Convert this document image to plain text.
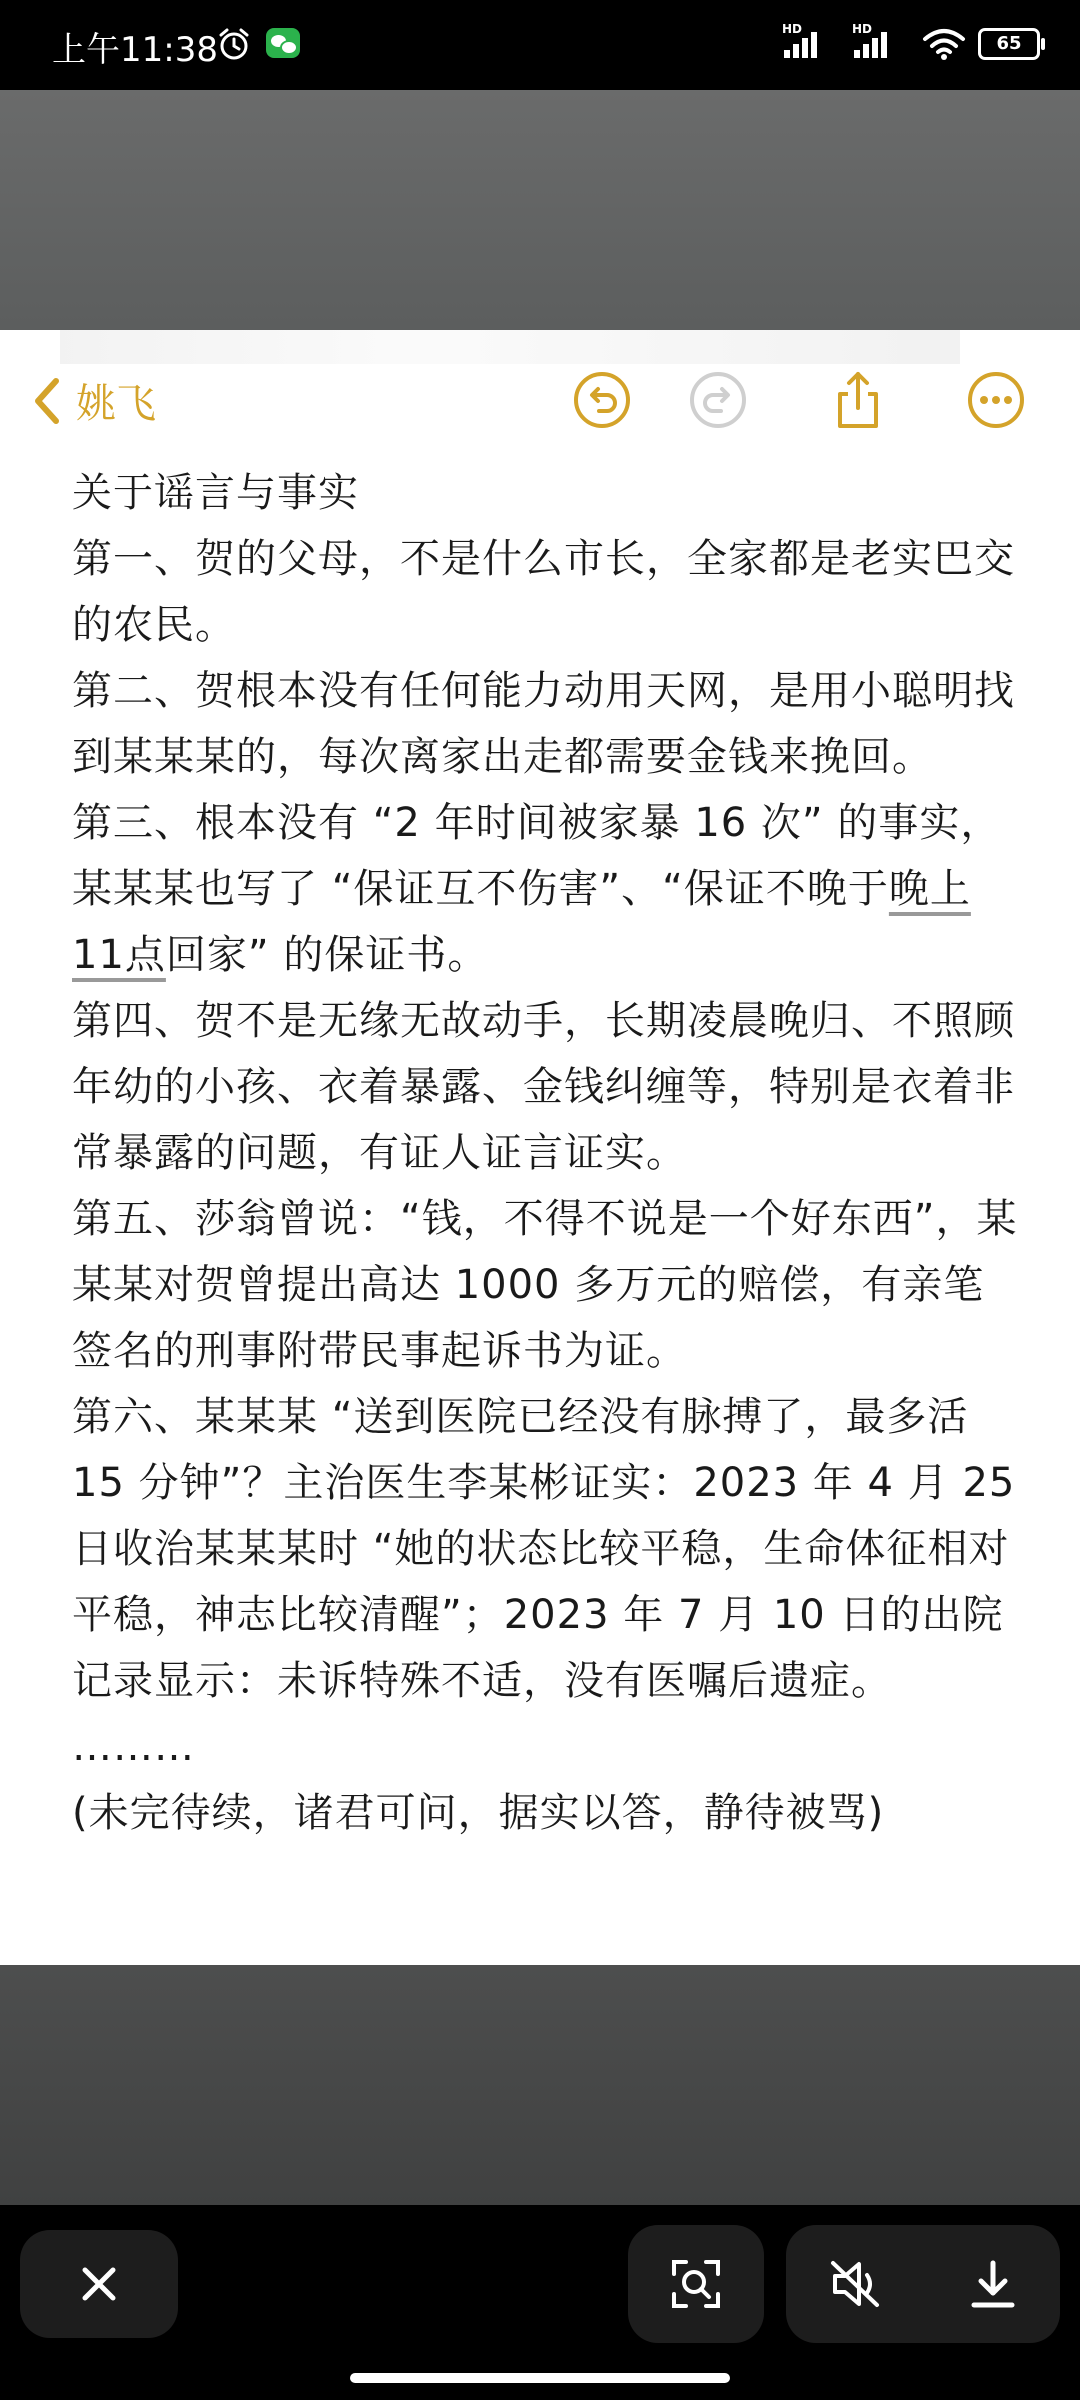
上午11:38
HD	HD
65
姚飞

关于谣言与事实

第一、贺的父母，不是什么市长，全家都是老实巴交的农民。

第二、贺根本没有任何能力动用天网，是用小聪明找到某某某的，每次离家出走都需要金钱来挽回。

第三、根本没有 “2 年时间被家暴 16 次” 的事实，某某某也写了 “保证互不伤害”、“保证不晚于晚上 11点回家” 的保证书。

第四、贺不是无缘无故动手，长期凌晨晚归、不照顾年幼的小孩、衣着暴露、金钱纠缠等，特别是衣着非常暴露的问题，有证人证言证实。

第五、莎翁曾说：“钱，不得不说是一个好东西”，某某某对贺曾提出高达 1000 多万元的赔偿，有亲笔签名的刑事附带民事起诉书为证。

第六、某某某 “送到医院已经没有脉搏了，最多活 15 分钟”？主治医生李某彬证实：2023 年 4 月 25 日收治某某某时 “她的状态比较平稳，生命体征相对平稳，神志比较清醒”；2023 年 7 月 10 日的出院记录显示：未诉特殊不适，没有医嘱后遗症。

………

(未完待续，诸君可问，据实以答，静待被骂)
